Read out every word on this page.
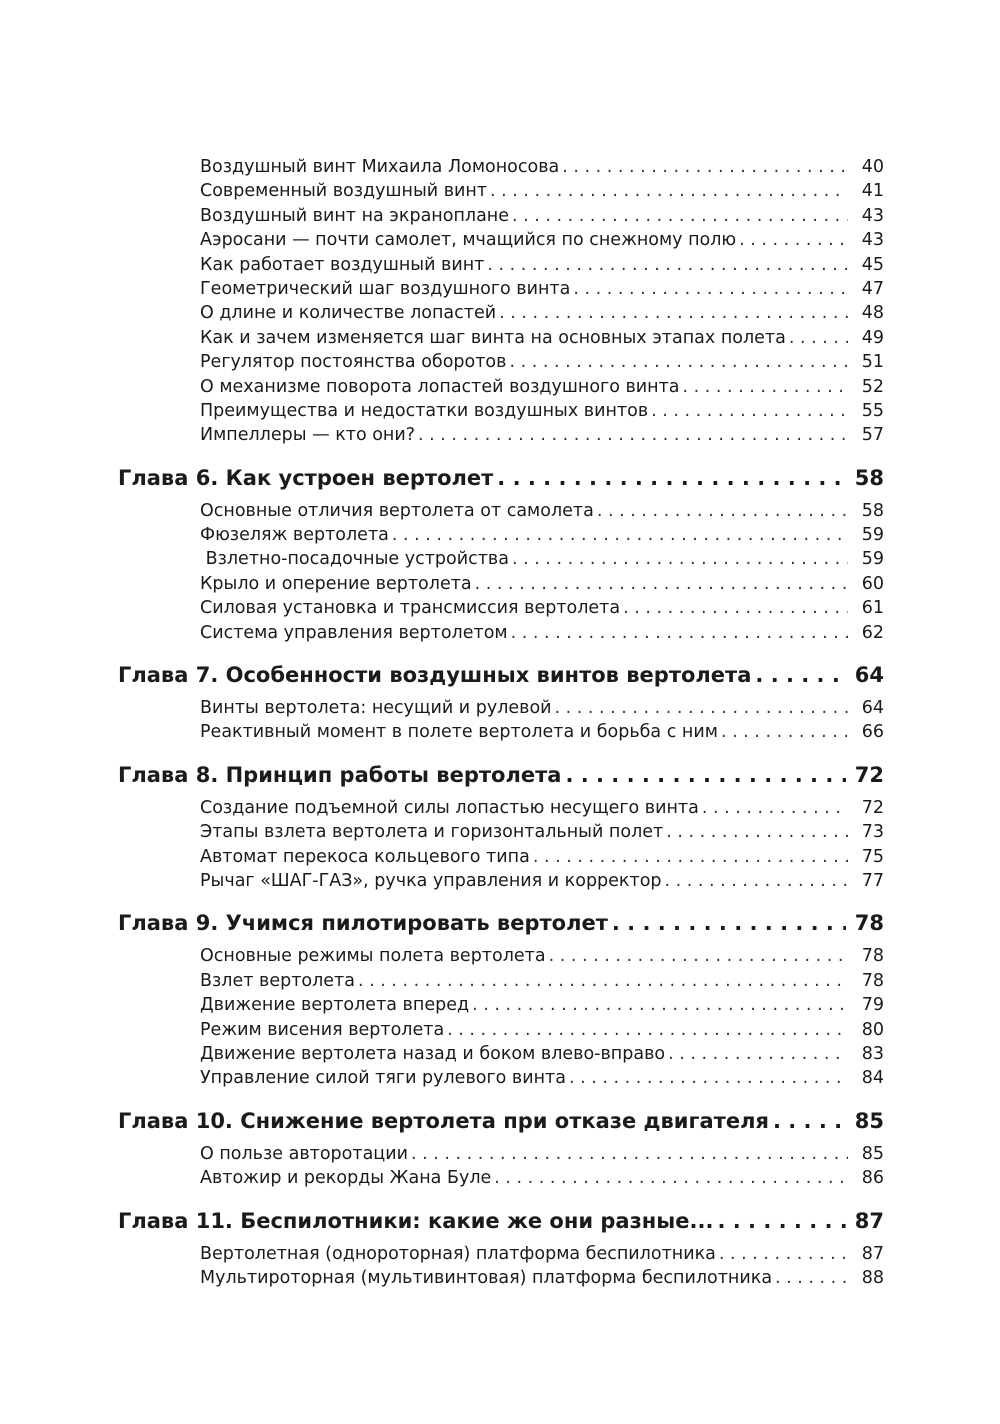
Воздушный винт Михаила Ломоносова . . .	40
Современный воздушный винт . . .	41
Воздушный винт на экраноплане . . .	43
Аэросани — почти самолет, мчащийся по снежному полю . . .	43
Как работает воздушный винт . . .	45
Геометрический шаг воздушного винта . . .	47
О длине и количестве лопастей . . .	48
Как и зачем изменяется шаг винта на основных этапах полета . . .	49
Регулятор постоянства оборотов . . .	51
О механизме поворота лопастей воздушного винта . . .	52
Преимущества и недостатки воздушных винтов . . .	55
Импеллеры — кто они? . . .	57
Глава 6. Как устроен вертолет . . .	58
Основные отличия вертолета от самолета . . .	58
Фюзеляж вертолета . . .	59
Взлетно-посадочные устройства . . .	59
Крыло и оперение вертолета . . .	60
Силовая установка и трансмиссия вертолета . . .	61
Система управления вертолетом . . .	62
Глава 7. Особенности воздушных винтов вертолета . . .	64
Винты вертолета: несущий и рулевой . . .	64
Реактивный момент в полете вертолета и борьба с ним . . .	66
Глава 8. Принцип работы вертолета . . .	72
Создание подъемной силы лопастью несущего винта . . .	72
Этапы взлета вертолета и горизонтальный полет . . .	73
Автомат перекоса кольцевого типа . . .	75
Рычаг «ШАГ-ГАЗ», ручка управления и корректор . . .	77
Глава 9. Учимся пилотировать вертолет . . .	78
Основные режимы полета вертолета . . .	78
Взлет вертолета . . .	78
Движение вертолета вперед . . .	79
Режим висения вертолета . . .	80
Движение вертолета назад и боком влево-вправо . . .	83
Управление силой тяги рулевого винта . . .	84
Глава 10. Снижение вертолета при отказе двигателя . . .	85
О пользе авторотации . . .	85
Автожир и рекорды Жана Буле . . .	86
Глава 11. Беспилотники: какие же они разные... . . .	87
Вертолетная (однороторная) платформа беспилотника . . .	87
Мультироторная (мультивинтовая) платформа беспилотника . . .	88
